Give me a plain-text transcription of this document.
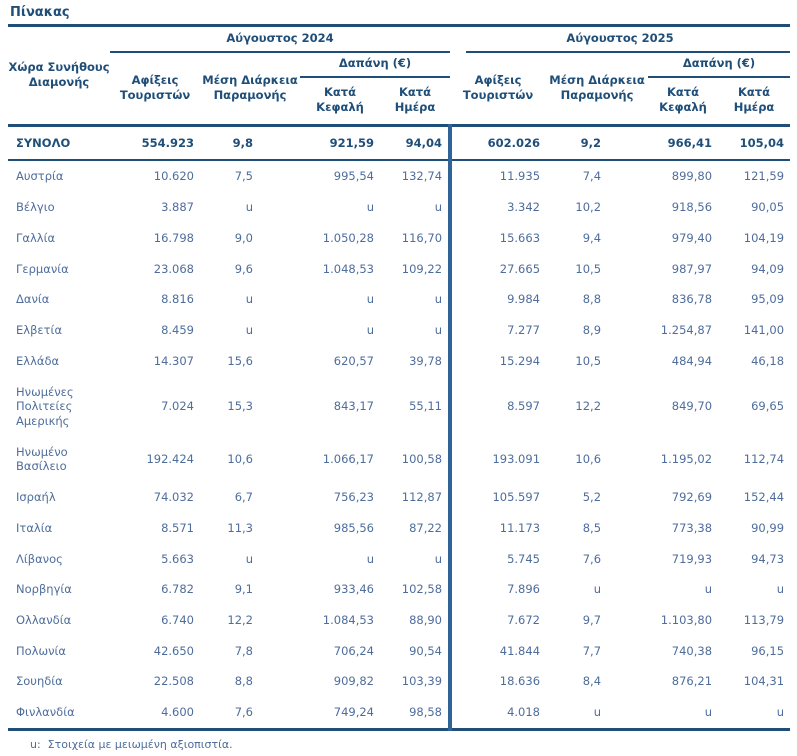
Πίνακας
Χώρα Συνήθους Διαμονής	Αύγουστος 2024				Αύγουστος 2025			
	Αφίξεις Τουριστών	Μέση Διάρκεια Παραμονής	Δαπάνη (€)		Αφίξεις Τουριστών	Μέση Διάρκεια Παραμονής	Δαπάνη (€)	
			Κατά Κεφαλή	Κατά Ημέρα			Κατά Κεφαλή	Κατά Ημέρα
ΣΥΝΟΛΟ	554.923	9,8	921,59	94,04	602.026	9,2	966,41	105,04
Αυστρία	10.620	7,5	995,54	132,74	11.935	7,4	899,80	121,59
Βέλγιο	3.887	u	u	u	3.342	10,2	918,56	90,05
Γαλλία	16.798	9,0	1.050,28	116,70	15.663	9,4	979,40	104,19
Γερμανία	23.068	9,6	1.048,53	109,22	27.665	10,5	987,97	94,09
Δανία	8.816	u	u	u	9.984	8,8	836,78	95,09
Ελβετία	8.459	u	u	u	7.277	8,9	1.254,87	141,00
Ελλάδα	14.307	15,6	620,57	39,78	15.294	10,5	484,94	46,18
Ηνωμένες Πολιτείες Αμερικής	7.024	15,3	843,17	55,11	8.597	12,2	849,70	69,65
Ηνωμένο Βασίλειο	192.424	10,6	1.066,17	100,58	193.091	10,6	1.195,02	112,74
Ισραήλ	74.032	6,7	756,23	112,87	105.597	5,2	792,69	152,44
Ιταλία	8.571	11,3	985,56	87,22	11.173	8,5	773,38	90,99
Λίβανος	5.663	u	u	u	5.745	7,6	719,93	94,73
Νορβηγία	6.782	9,1	933,46	102,58	7.896	u	u	u
Ολλανδία	6.740	12,2	1.084,53	88,90	7.672	9,7	1.103,80	113,79
Πολωνία	42.650	7,8	706,24	90,54	41.844	7,7	740,38	96,15
Σουηδία	22.508	8,8	909,82	103,39	18.636	8,4	876,21	104,31
Φινλανδία	4.600	7,6	749,24	98,58	4.018	u	u	u
u:  Στοιχεία με μειωμένη αξιοπιστία.
